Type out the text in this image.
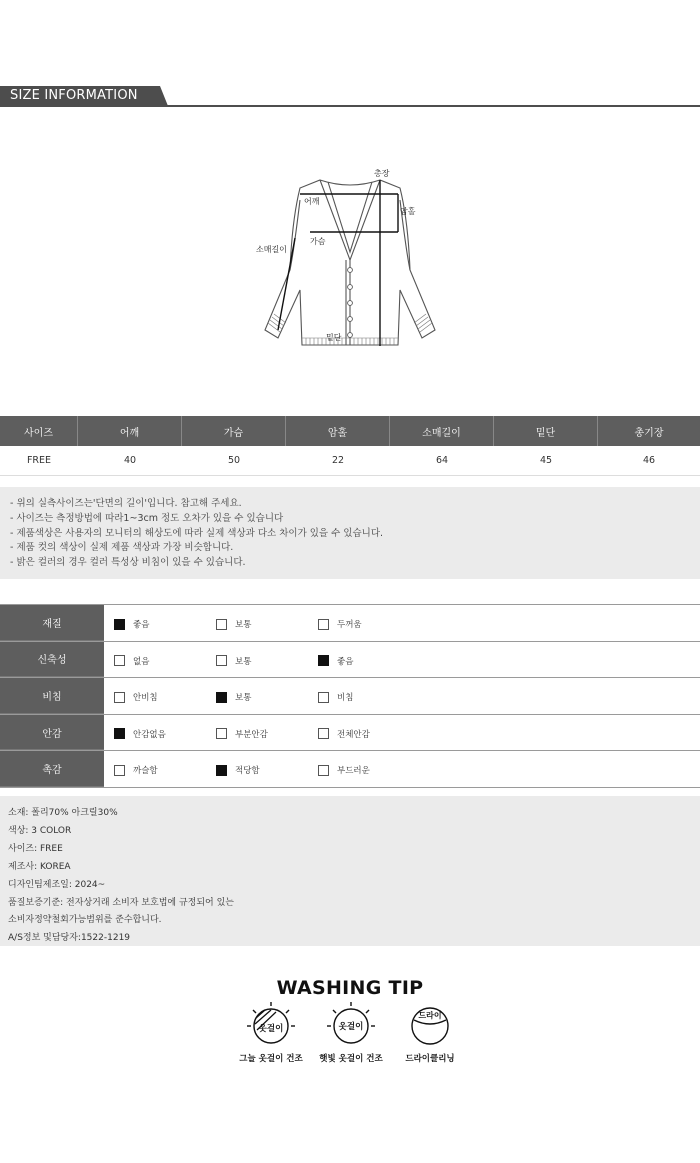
SIZE INFORMATION
총장
어깨
암홀
가슴
소매길이
밑단
사이즈	어깨	가슴	암홀	소매길이	밑단	총기장
FREE	40	50	22	64	45	46
- 위의 실측사이즈는'단면의 길이'입니다. 참고해 주세요.
- 사이즈는 측정방법에 따라1~3cm 정도 오차가 있을 수 있습니다
- 제품색상은 사용자의 모니터의 해상도에 따라 실제 색상과 다소 차이가 있을 수 있습니다.
- 제품 컷의 색상이 실제 제품 색상과 가장 비슷합니다.
- 밝은 컬러의 경우 컬러 특성상 비침이 있을 수 있습니다.
재질	좋음	보통	두꺼움
신축성	없음	보통	좋음
비침	안비침	보통	비침
안감	안감없음	부분안감	전체안감
촉감	까슬함	적당함	부드러운
소재: 폴리70% 아크릴30%
색상: 3 COLOR
사이즈: FREE
제조사: KOREA
디자인팀제조일: 2024~
품질보증기준: 전자상거래 소비자 보호법에 규정되어 있는
소비자정약철회가능범위를 준수합니다.
A/S정보 및담당자:1522-1219
WASHING TIP
옷걸이
그늘 옷걸이 건조
옷걸이
햇빛 옷걸이 건조
드라이
드라이클리닝
